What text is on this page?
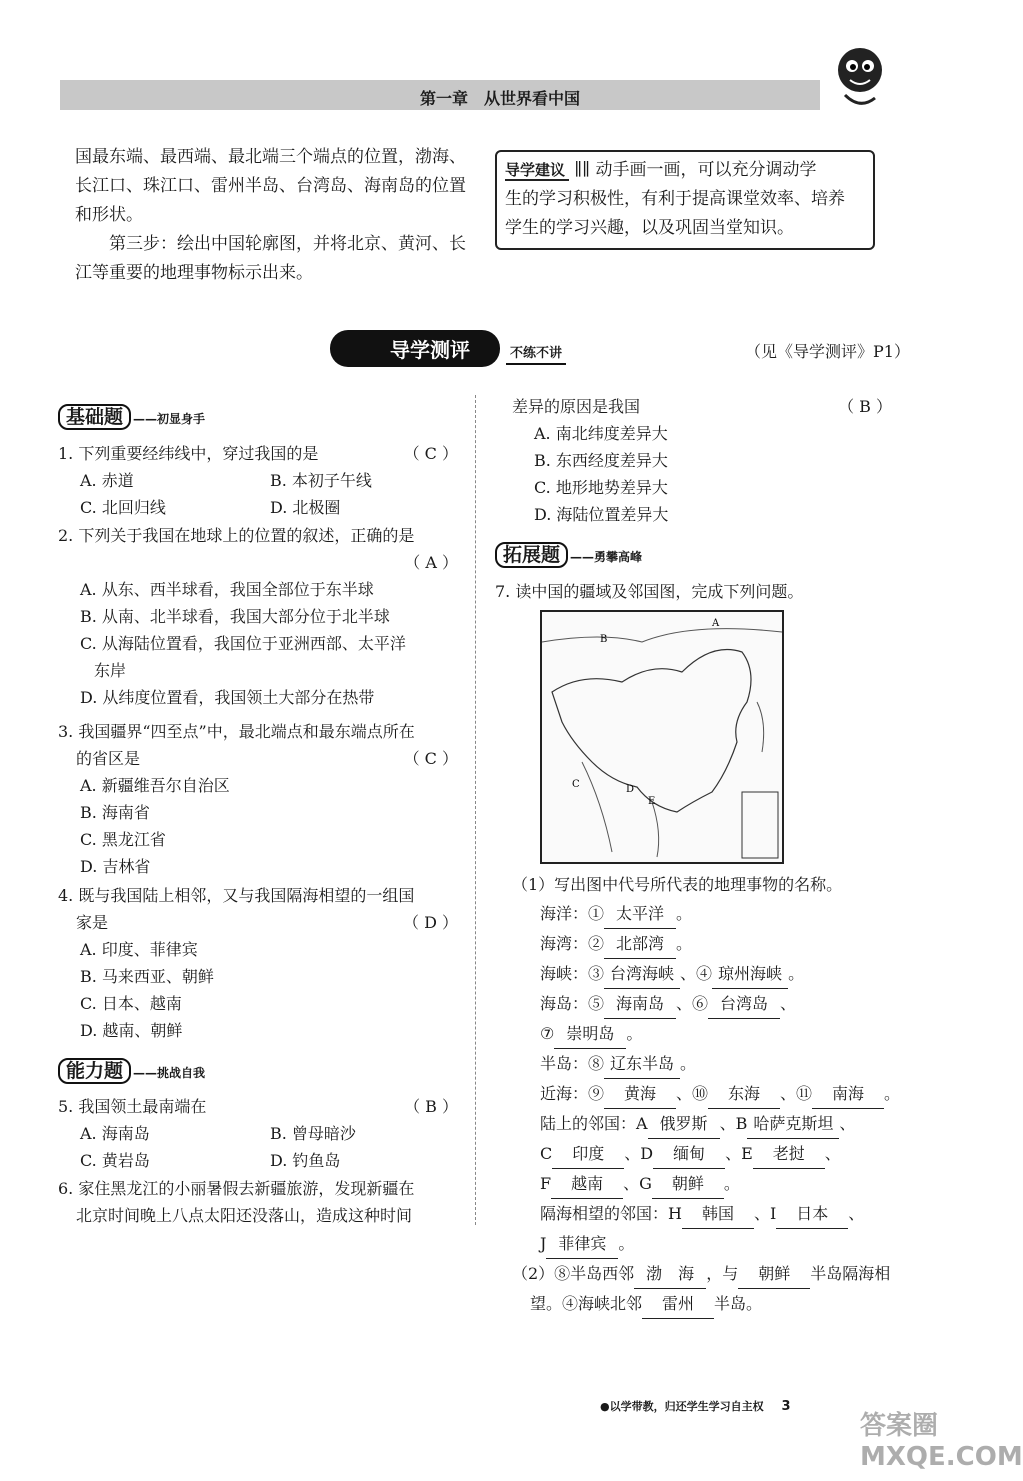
第一章　从世界看中国
国最东端、最西端、最北端三个端点的位置，渤海、
长江口、珠江口、雷州半岛、台湾岛、海南岛的位置
和形状。
　　第三步：绘出中国轮廓图，并将北京、黄河、长
江等重要的地理事物标示出来。
导学建议 ∥∥ 动手画一画，可以充分调动学
生的学习积极性，有利于提高课堂效率、培养
学生的学习兴趣，以及巩固当堂知识。
导学测评	不练不讲	（见《导学测评》P1）
基础题 ——初显身手
1. 下列重要经纬线中，穿过我国的是	（ C ）
A. 赤道	B. 本初子午线
C. 北回归线	D. 北极圈
2. 下列关于我国在地球上的位置的叙述，正确的是
（ A ）
A. 从东、西半球看，我国全部位于东半球
B. 从南、北半球看，我国大部分位于北半球
C. 从海陆位置看，我国位于亚洲西部、太平洋
东岸
D. 从纬度位置看，我国领土大部分在热带
3. 我国疆界“四至点”中，最北端点和最东端点所在
的省区是	（ C ）
A. 新疆维吾尔自治区
B. 海南省
C. 黑龙江省
D. 吉林省
4. 既与我国陆上相邻，又与我国隔海相望的一组国
家是	（ D ）
A. 印度、菲律宾
B. 马来西亚、朝鲜
C. 日本、越南
D. 越南、朝鲜
能力题 ——挑战自我
5. 我国领土最南端在	（ B ）
A. 海南岛	B. 曾母暗沙
C. 黄岩岛	D. 钓鱼岛
6. 家住黑龙江的小丽暑假去新疆旅游，发现新疆在
北京时间晚上八点太阳还没落山，造成这种时间
差异的原因是我国	（ B ）
A. 南北纬度差异大
B. 东西经度差异大
C. 地形地势差异大
D. 海陆位置差异大
拓展题 ——勇攀高峰
7. 读中国的疆域及邻国图，完成下列问题。
A
B
C	D
E
（1）写出图中代号所代表的地理事物的名称。
海洋：① 太平洋 。
海湾：② 北部湾 。
海峡：③ 台湾海峡 、④ 琼州海峡 。
海岛：⑤ 海南岛 、⑥ 台湾岛 、
⑦ 崇明岛 。
半岛：⑧ 辽东半岛 。
近海：⑨ 黄海 、⑩ 东海 、⑪ 南海 。
陆上的邻国：A 俄罗斯 、B 哈萨克斯坦 、
C 印度 、D 缅甸 、E 老挝 、
F 越南 、G 朝鲜 。
隔海相望的邻国：H 韩国 、I 日本 、
J 菲律宾 。
（2）⑧半岛西邻 渤　海 ，与 朝鲜 半岛隔海相
望。④海峡北邻 雷州 半岛。
●以学带教，归还学生学习自主权 3
答案圈 MXQE.COM
